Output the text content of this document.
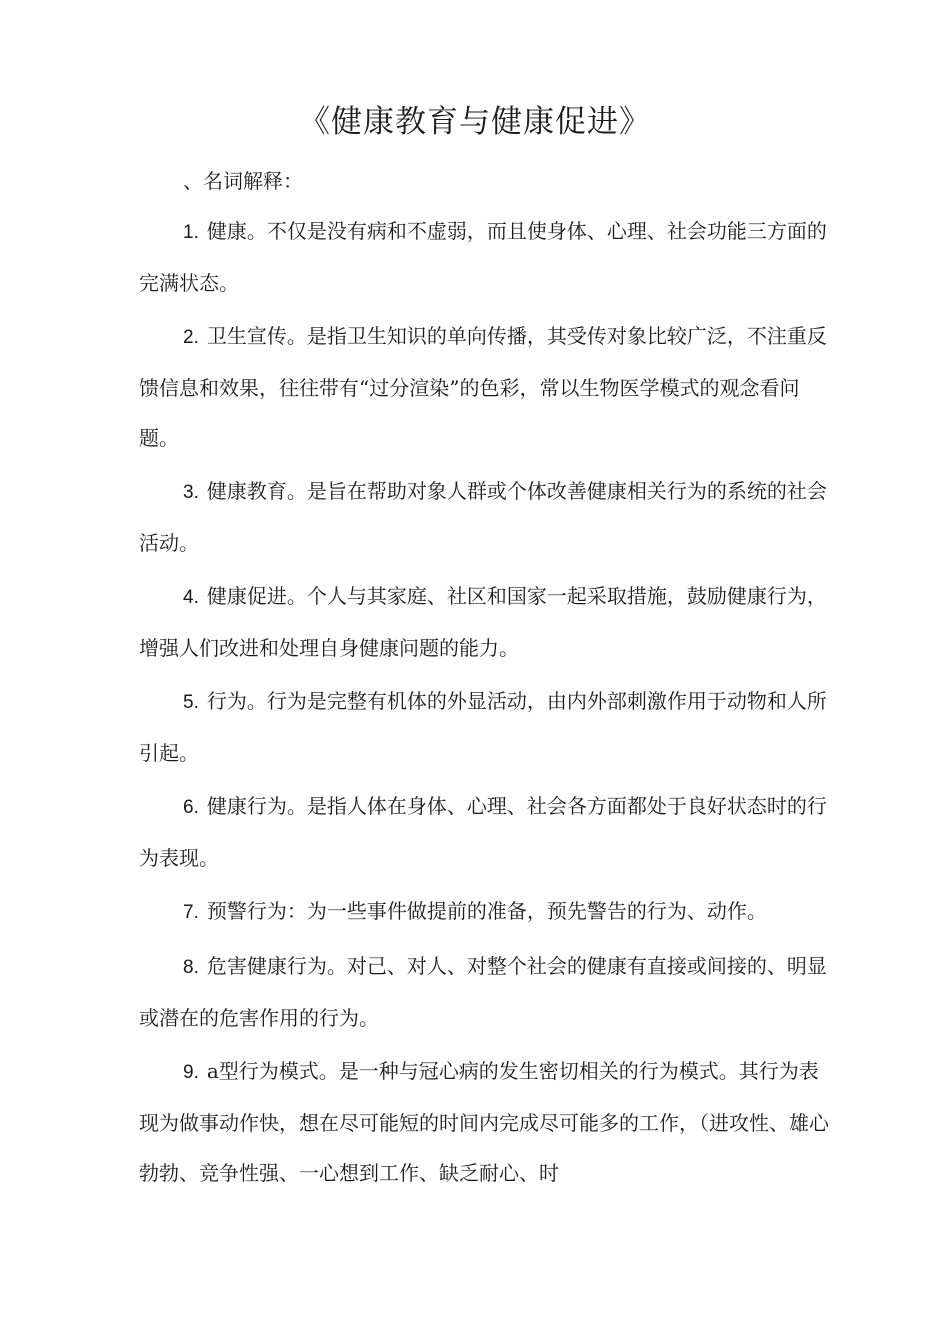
《健康教育与健康促进》

、名词解释：

1. 健康。不仅是没有病和不虚弱，而且使身体、心理、社会功能三方面的完满状态。

2. 卫生宣传。是指卫生知识的单向传播，其受传对象比较广泛，不注重反馈信息和效果，往往带有“过分渲染”的色彩，常以生物医学模式的观念看问题。

3. 健康教育。是旨在帮助对象人群或个体改善健康相关行为的系统的社会活动。

4. 健康促进。个人与其家庭、社区和国家一起采取措施，鼓励健康行为，增强人们改进和处理自身健康问题的能力。

5. 行为。行为是完整有机体的外显活动，由内外部刺激作用于动物和人所引起。

6. 健康行为。是指人体在身体、心理、社会各方面都处于良好状态时的行为表现。

7. 预警行为：为一些事件做提前的准备，预先警告的行为、动作。

8. 危害健康行为。对己、对人、对整个社会的健康有直接或间接的、明显或潜在的危害作用的行为。

9. a型行为模式。是一种与冠心病的发生密切相关的行为模式。其行为表现为做事动作快，想在尽可能短的时间内完成尽可能多的工作，（进攻性、雄心勃勃、竞争性强、一心想到工作、缺乏耐心、时
